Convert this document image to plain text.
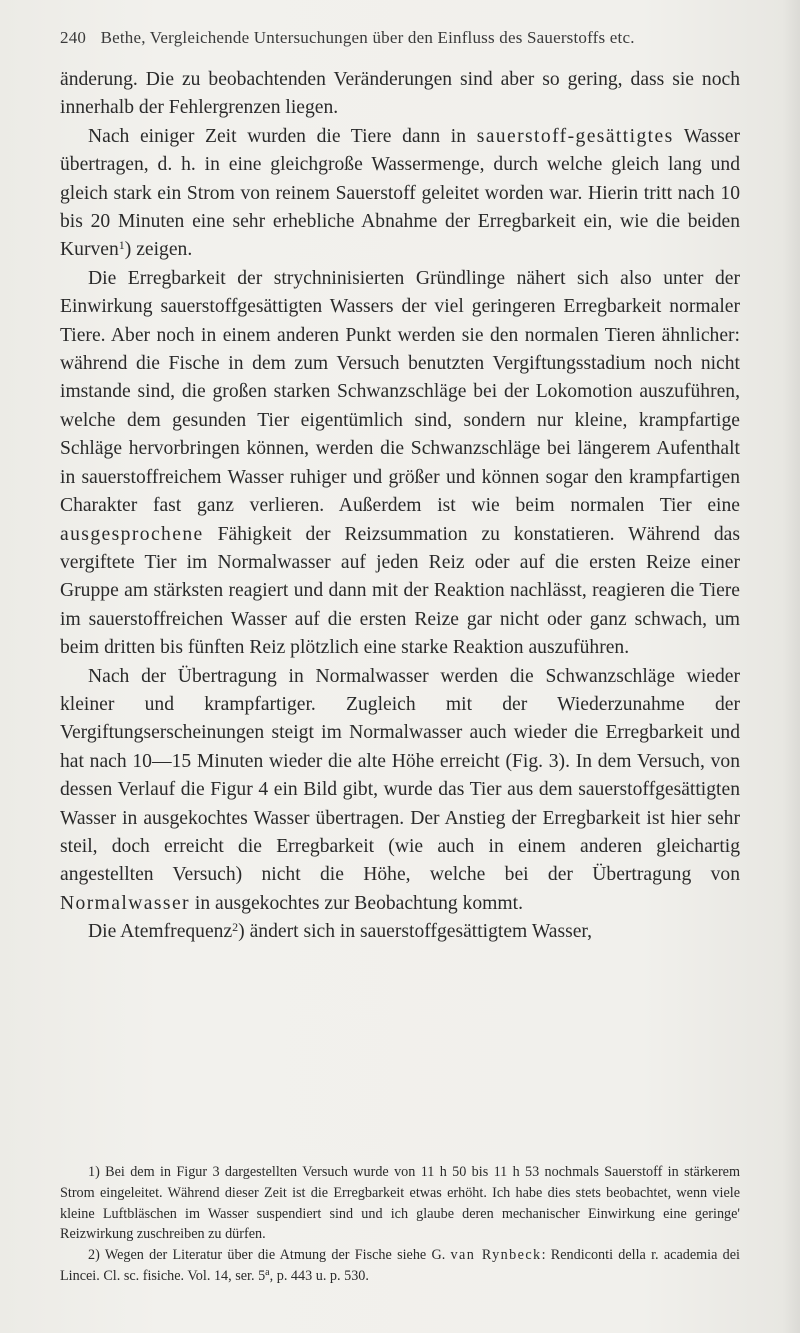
240 Bethe, Vergleichende Untersuchungen über den Einfluss des Sauerstoffs etc.

änderung. Die zu beobachtenden Veränderungen sind aber so gering, dass sie noch innerhalb der Fehlergrenzen liegen.

Nach einiger Zeit wurden die Tiere dann in sauerstoff-gesättigtes Wasser übertragen, d. h. in eine gleichgroße Wassermenge, durch welche gleich lang und gleich stark ein Strom von reinem Sauerstoff geleitet worden war. Hierin tritt nach 10 bis 20 Minuten eine sehr erhebliche Abnahme der Erregbarkeit ein, wie die beiden Kurven$^1$) zeigen.

Die Erregbarkeit der strychninisierten Gründlinge nähert sich also unter der Einwirkung sauerstoffgesättigten Wassers der viel geringeren Erregbarkeit normaler Tiere. Aber noch in einem anderen Punkt werden sie den normalen Tieren ähnlicher: während die Fische in dem zum Versuch benutzten Vergiftungsstadium noch nicht imstande sind, die großen starken Schwanzschläge bei der Lokomotion auszuführen, welche dem gesunden Tier eigentümlich sind, sondern nur kleine, krampfartige Schläge hervorbringen können, werden die Schwanzschläge bei längerem Aufenthalt in sauerstoffreichem Wasser ruhiger und größer und können sogar den krampfartigen Charakter fast ganz verlieren. Außerdem ist wie beim normalen Tier eine ausgesprochene Fähigkeit der Reizsummation zu konstatieren. Während das vergiftete Tier im Normalwasser auf jeden Reiz oder auf die ersten Reize einer Gruppe am stärksten reagiert und dann mit der Reaktion nachlässt, reagieren die Tiere im sauerstoffreichen Wasser auf die ersten Reize gar nicht oder ganz schwach, um beim dritten bis fünften Reiz plötzlich eine starke Reaktion auszuführen.

Nach der Übertragung in Normalwasser werden die Schwanzschläge wieder kleiner und krampfartiger. Zugleich mit der Wiederzunahme der Vergiftungserscheinungen steigt im Normalwasser auch wieder die Erregbarkeit und hat nach 10—15 Minuten wieder die alte Höhe erreicht (Fig. 3). In dem Versuch, von dessen Verlauf die Figur 4 ein Bild gibt, wurde das Tier aus dem sauerstoffgesättigten Wasser in ausgekochtes Wasser übertragen. Der Anstieg der Erregbarkeit ist hier sehr steil, doch erreicht die Erregbarkeit (wie auch in einem anderen gleichartig angestellten Versuch) nicht die Höhe, welche bei der Übertragung von Normalwasser in ausgekochtes zur Beobachtung kommt.

Die Atemfrequenz$^2$) ändert sich in sauerstoffgesättigtem Wasser,

1) Bei dem in Figur 3 dargestellten Versuch wurde von 11 h 50 bis 11 h 53 nochmals Sauerstoff in stärkerem Strom eingeleitet. Während dieser Zeit ist die Erregbarkeit etwas erhöht. Ich habe dies stets beobachtet, wenn viele kleine Luftbläschen im Wasser suspendiert sind und ich glaube deren mechanischer Einwirkung eine geringe' Reizwirkung zuschreiben zu dürfen.

2) Wegen der Literatur über die Atmung der Fische siehe G. van Rynbeck: Rendiconti della r. academia dei Lincei. Cl. sc. fisiche. Vol. 14, ser. 5$^a$, p. 443 u. p. 530.
